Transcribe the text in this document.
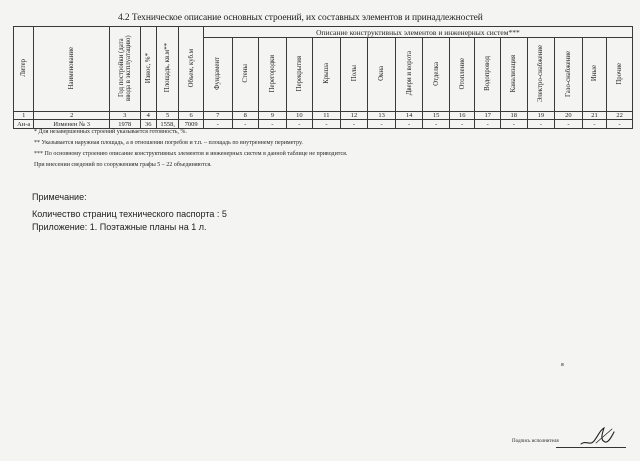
4.2 Техническое описание основных строений, их составных элементов и принадлежностей
Литер	Наименование	Год постройки (дата ввода в эксплуатацию)	Износ, %*	Площадь, кв.м**	Объем, куб.м	Описание конструктивных элементов и инженерных систем***															
						Фундамент	Стены	Перегородки	Перекрытия	Крыша	Полы	Окна	Двери и ворота	Отделка	Отопление	Водопровод	Канализация	Электро-снабжение	Газо-снабжение	Иные	Прочие
1	2	3	4	5	6	7	8	9	10	11	12	13	14	15	16	17	18	19	20	21	22
Ан-а	Изменен № 3	1978	36	1558,	7009	-	-	-	-	-	-	-	-	-	-	-	-	-	-	-	-
* Для незавершенных строений указывается готовность, %.
** Указывается наружная площадь, а в отношении погребов и т.п. – площадь по внутреннему периметру.
*** По основному строению описание конструктивных элементов и инженерных систем в данной таблице не приводится.
При внесении сведений по сооружениям графы 5 – 22 объединяются.
Примечание:
Количество страниц технического паспорта : 5
Приложение: 1. Поэтажные планы на 1 л.
я
Подпись исполнителя
